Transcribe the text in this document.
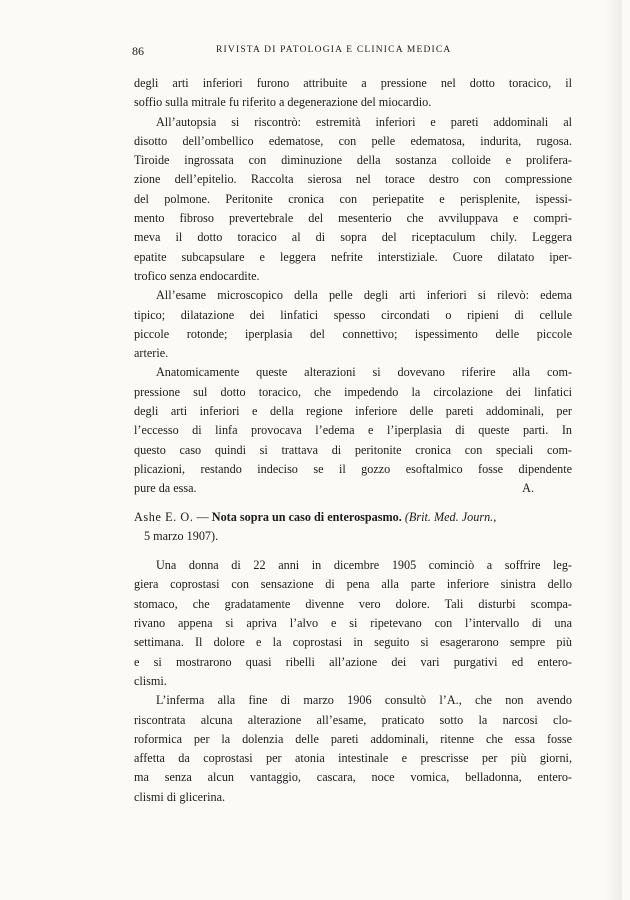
86	RIVISTA DI PATOLOGIA E CLINICA MEDICA
degli arti inferiori furono attribuite a pressione nel dotto toracico, il
soffio sulla mitrale fu riferito a degenerazione del miocardio.
All’autopsia si riscontrò: estremità inferiori e pareti addominali al
disotto dell’ombellico edematose, con pelle edematosa, indurita, rugosa.
Tiroide ingrossata con diminuzione della sostanza colloide e prolifera-
zione dell’epitelio. Raccolta sierosa nel torace destro con compressione
del polmone. Peritonite cronica con periepatite e perisplenite, ispessi-
mento fibroso prevertebrale del mesenterio che avviluppava e compri-
meva il dotto toracico al di sopra del riceptaculum chily. Leggera
epatite subcapsulare e leggera nefrite interstiziale. Cuore dilatato iper-
trofico senza endocardite.
All’esame microscopico della pelle degli arti inferiori si rilevò: edema
tipico; dilatazione dei linfatici spesso circondati o ripieni di cellule
piccole rotonde; iperplasia del connettivo; ispessimento delle piccole
arterie.
Anatomicamente queste alterazioni si dovevano riferire alla com-
pressione sul dotto toracico, che impedendo la circolazione dei linfatici
degli arti inferiori e della regione inferiore delle pareti addominali, per
l’eccesso di linfa provocava l’edema e l’iperplasia di queste parti. In
questo caso quindi si trattava di peritonite cronica con speciali com-
plicazioni, restando indeciso se il gozzo esoftalmico fosse dipendente
pure da essa.	A.
Ashe E. O. — Nota sopra un caso di enterospasmo. (Brit. Med. Journ.,
5 marzo 1907).
Una donna di 22 anni in dicembre 1905 cominciò a soffrire leg-
giera coprostasi con sensazione di pena alla parte inferiore sinistra dello
stomaco, che gradatamente divenne vero dolore. Tali disturbi scompa-
rivano appena si apriva l’alvo e si ripetevano con l’intervallo di una
settimana. Il dolore e la coprostasi in seguito si esagerarono sempre più
e si mostrarono quasi ribelli all’azione dei vari purgativi ed entero-
clismi.
L’inferma alla fine di marzo 1906 consultò l’A., che non avendo
riscontrata alcuna alterazione all’esame, praticato sotto la narcosi clo-
roformica per la dolenzia delle pareti addominali, ritenne che essa fosse
affetta da coprostasi per atonia intestinale e prescrisse per più giorni,
ma senza alcun vantaggio, cascara, noce vomica, belladonna, entero-
clismi di glicerina.
